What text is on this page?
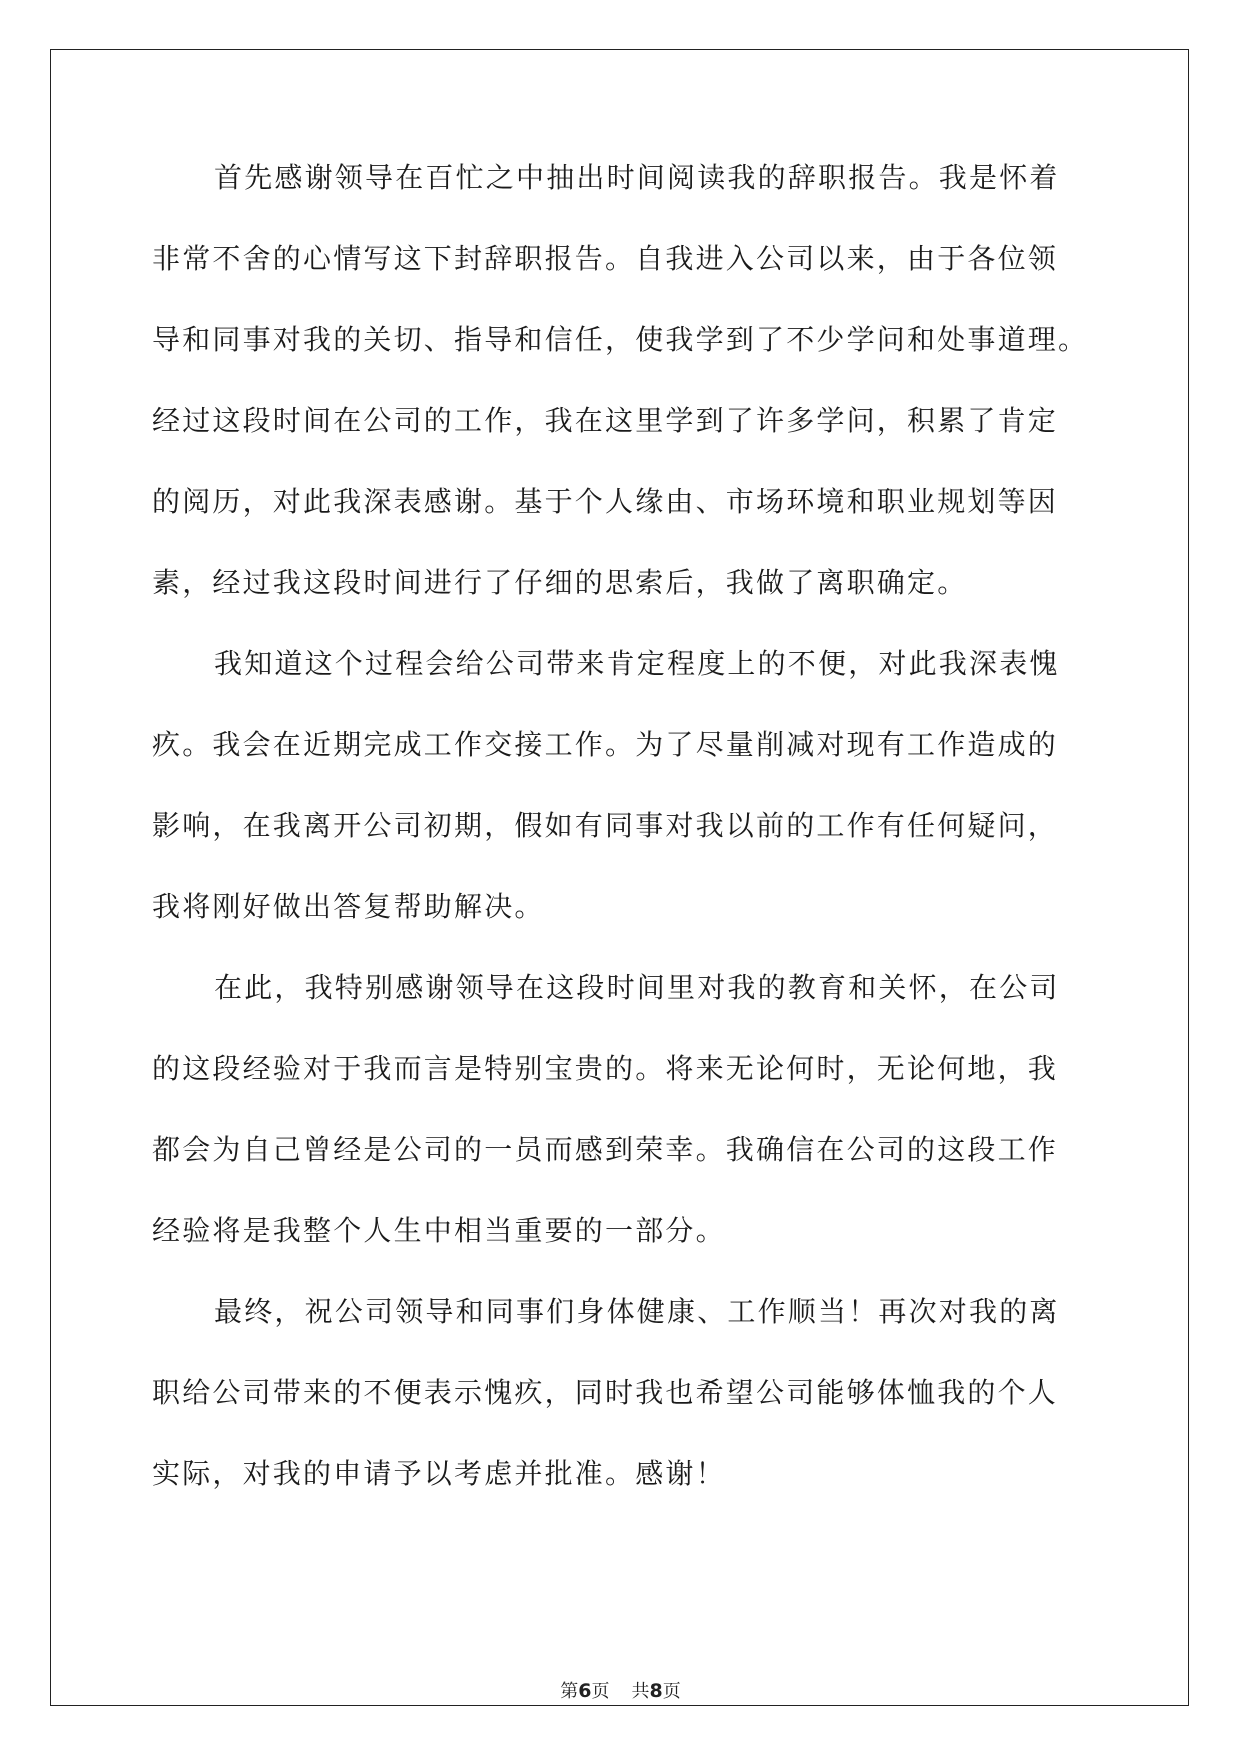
首先感谢领导在百忙之中抽出时间阅读我的辞职报告。我是怀着
非常不舍的心情写这下封辞职报告。自我进入公司以来，由于各位领
导和同事对我的关切、指导和信任，使我学到了不少学问和处事道理。
经过这段时间在公司的工作，我在这里学到了许多学问，积累了肯定
的阅历，对此我深表感谢。基于个人缘由、市场环境和职业规划等因
素，经过我这段时间进行了仔细的思索后，我做了离职确定。
我知道这个过程会给公司带来肯定程度上的不便，对此我深表愧
疚。我会在近期完成工作交接工作。为了尽量削减对现有工作造成的
影响，在我离开公司初期，假如有同事对我以前的工作有任何疑问，
我将刚好做出答复帮助解决。
在此，我特别感谢领导在这段时间里对我的教育和关怀，在公司
的这段经验对于我而言是特别宝贵的。将来无论何时，无论何地，我
都会为自己曾经是公司的一员而感到荣幸。我确信在公司的这段工作
经验将是我整个人生中相当重要的一部分。
最终，祝公司领导和同事们身体健康、工作顺当！再次对我的离
职给公司带来的不便表示愧疚，同时我也希望公司能够体恤我的个人
实际，对我的申请予以考虑并批准。感谢！
第6页 共8页
